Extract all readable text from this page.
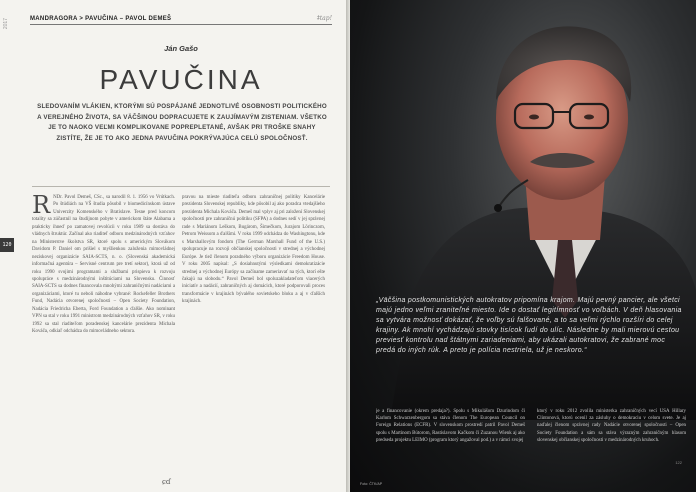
2017
120
MANDRAGORA > PAVUČINA – PAVOL DEMEŠ	ǂtap!
Ján Gašo
PAVUČINA
SLEDOVANÍM VLÁKIEN, KTORÝMI SÚ POSPÁJANÉ JEDNOTLIVÉ OSOBNOSTI POLITICKÉHO A VEREJNÉHO ŽIVOTA, SA VÄČŠINOU DOPRACUJETE K ZAUJÍMAVÝM ZISTENIAM. VŠETKO JE TO NAOKO VEĽMI KOMPLIKOVANE POPREPLETANÉ, AVŠAK PRI TROŠKE SNAHY ZISTÍTE, ŽE JE TO AKO JEDNA PAVUČINA POKRÝVAJÚCA CELÚ SPOLOČNOSŤ.
R NDr. Pavol Demeš, CSc., sa narodil 8. 1. 1956 vo Vrútkach. Po štúdiách na VŠ študia pôsobil v biomedicínskom ústave Univerzity Komenského v Bratislave. Tesne pred koncom totality sa zúčastnil na študijnom pobyte v americkom štáte Alabama a prakticky ihneď po zamatovej revolúcii v roku 1989 sa dostáva do vládnych štruktúr. Začínal ako riaditeľ odboru medzinárodných vzťahov na Ministerstve školstva SR, ktoré spolu s americkým Slovákom Davidom P. Daniel om prišiel s myšlienkou založenia mimovládnej neziskovej organizácie SAIA-SCTS, n. o. (Slovenská akademická informačná agentúra – Servisné centrum pre tretí sektor), ktorá už od roku 1990 svojimi programami a službami prispieva k rozvoju spolupráce s medzinárodnými inštitúciami na Slovensku. Činnosť SAIA-SCTS sa dodnes financovala mnohými zahraničnými nadáciami a organizáciami, ktoré tu neboli náhodne vybrané: Rockefeller Brothers Fund, Nadácia otvorenej spoločnosti – Open Society Foundation, Nadácia Friedricha Eberta, Ford Foundation a ďalšie. Ako nominant VPN sa stal v roku 1991 ministrom medzinárodných vzťahov SR, v roku 1992 sa stal riaditeľom poradenskej kancelárie prezidenta Michala Kováča, odkiaľ odchádza do mimovládneho sektora.
pravou na mieste riaditeľa odboru zahraničnej politiky Kancelárie prezidenta Slovenskej republiky, kde pôsobil aj ako poradca vtedajšieho prezidenta Michala Kováča. Demeš mal vplyv aj pri založení Slovenskej spoločnosti pre zahraničnú politiku (SFPA) a dodnes sedí v jej správnej rade s Mariánom Leškom, Bugárom, Šimečkom, Jurajom Lörinczom, Petrom Weissom a ďalšími. V roku 1999 odchádza do Washingtonu, kde s Marshallovým fondom (The German Marshall Fund of the U.S.) spolupracuje na rozvoji občianskej spoločnosti v strednej a východnej Európe. Je tiež členom poradného výboru organizácie Freedom House. V roku 2005 napísal: „S dosiahnutými výsledkami demokratizácie strednej a východnej Európy sa začíname zameriavať na tých, ktorí ešte čakajú na slobodu.“ Pavol Demeš bol spoluzakladateľom viacerých iniciatív a nadácií, zahraničných aj domácich, ktoré podporovali proces transformácie v krajinách bývalého sovietskeho bloku a aj v ďalších krajinách.
ɕɗ
„Väčšina postkomunistických autokratov pripomína krajom. Majú pevný pancier, ale všetci majú jedno veľmi zraniteľné miesto. Ide o dostať legitímnosť vo voľbách. V deň hlasovania sa vytvára možnosť dokázať, že voľby sú falšované, a to sa veľmi rýchlo rozšíri do celej krajiny. Ak mnohí vychádzajú stovky tisícok ľudí do ulíc. Následne by mali mierovú cestou previesť kontrolu nad štátnymi zariadeniami, aby ukázali autokratovi, že zabrané moc predá do iných rúk. A preto je polícia nestriela, už je neskoro.“
je a financovanie (okrem predaja?). Spolu s Mikulášom Dzurindom či Karlom Schwarzenbergom sa stáva členom The European Council on Foreign Relations (ECFR). V slovenskom prostredí patril Pavol Demeš spolu s Martinom Bútorom, Rastislavom Kačkom či Zuzanou Wienk aj ako predseda projektu LEIMO (program ktorý angažoval pod.) a v rámci svojej
ktorý v roku 2012 zvolila ministerka zahraničných vecí USA Hillary Clintonová, ktorú ocenil za zásluhy o demokraciu v celom svete. Je aj naďalej členom správnej rady Nadácie otvorenej spoločnosti – Open Society Foundation a sám sa stáva výrazným zahraničným hlasom slovenskej občianskej spoločnosti v medzinárodných kruhoch.
122
Foto: ČTK/AP
